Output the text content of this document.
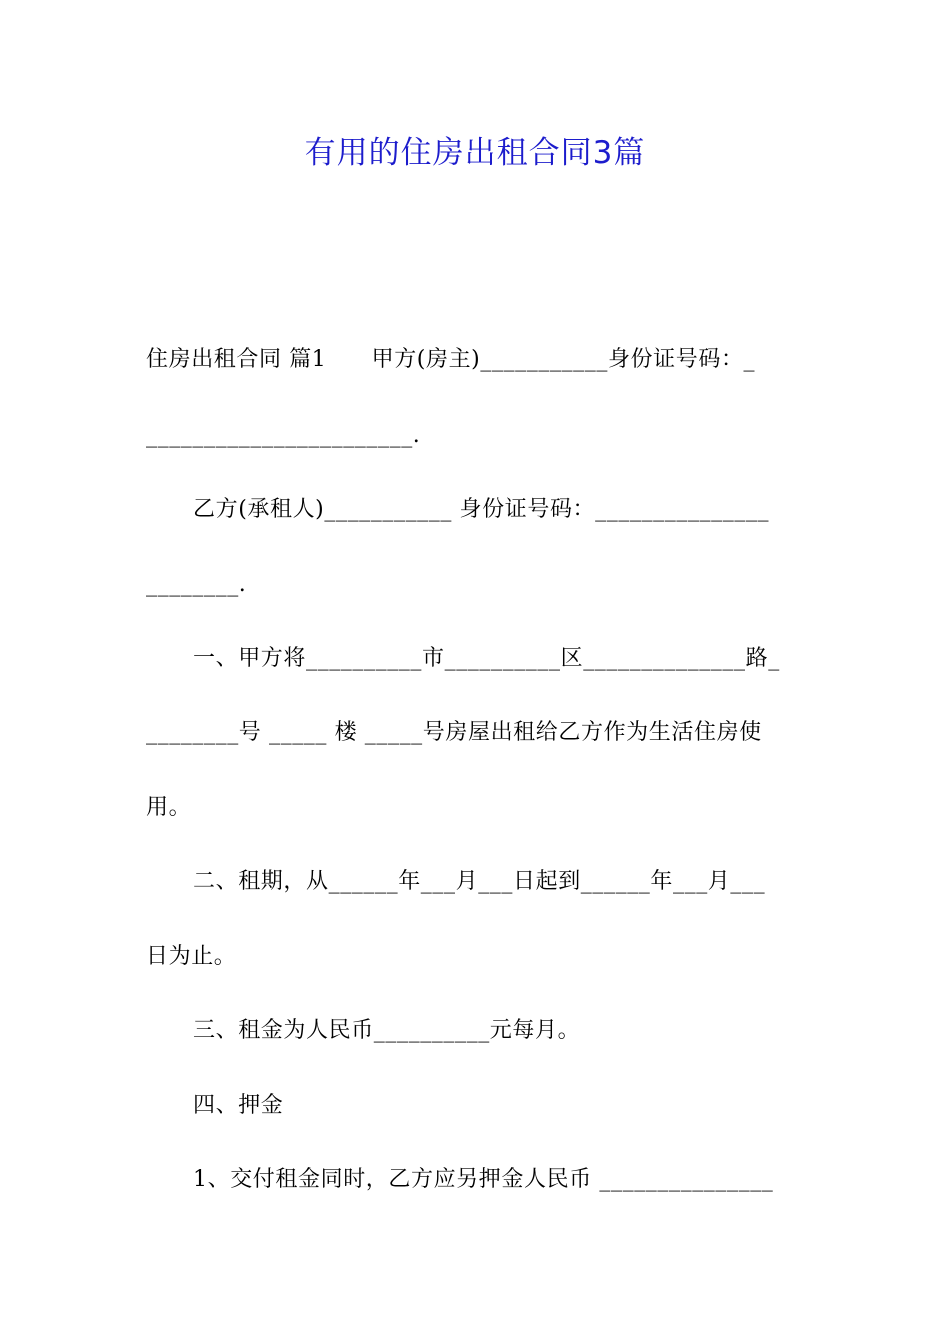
有用的住房出租合同3篇
住房出租合同 篇1　　甲方(房主)___________身份证号码：_
_______________________.
乙方(承租人)___________ 身份证号码：_______________
________.
一、甲方将__________市__________区______________路_
________号 _____ 楼 _____号房屋出租给乙方作为生活住房使
用。
二、租期，从______年___月___日起到______年___月___
日为止。
三、租金为人民币__________元每月。
四、押金
1、交付租金同时，乙方应另押金人民币 _______________
